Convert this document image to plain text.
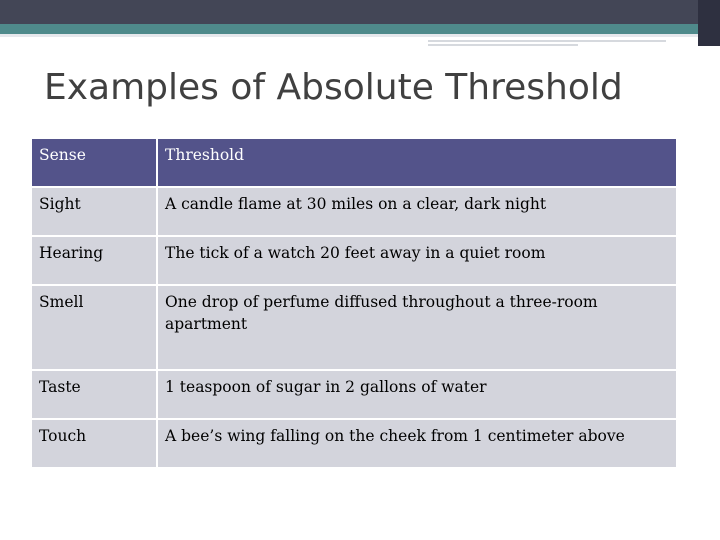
Examples of Absolute Threshold
Sense	Threshold
Sight	A candle flame at 30 miles on a clear, dark night
Hearing	The tick of a watch 20 feet away in a quiet room
Smell	One drop of perfume diffused throughout a three-room apartment
Taste	1 teaspoon of sugar in 2 gallons of water
Touch	A bee’s wing falling on the cheek from 1 centimeter above
